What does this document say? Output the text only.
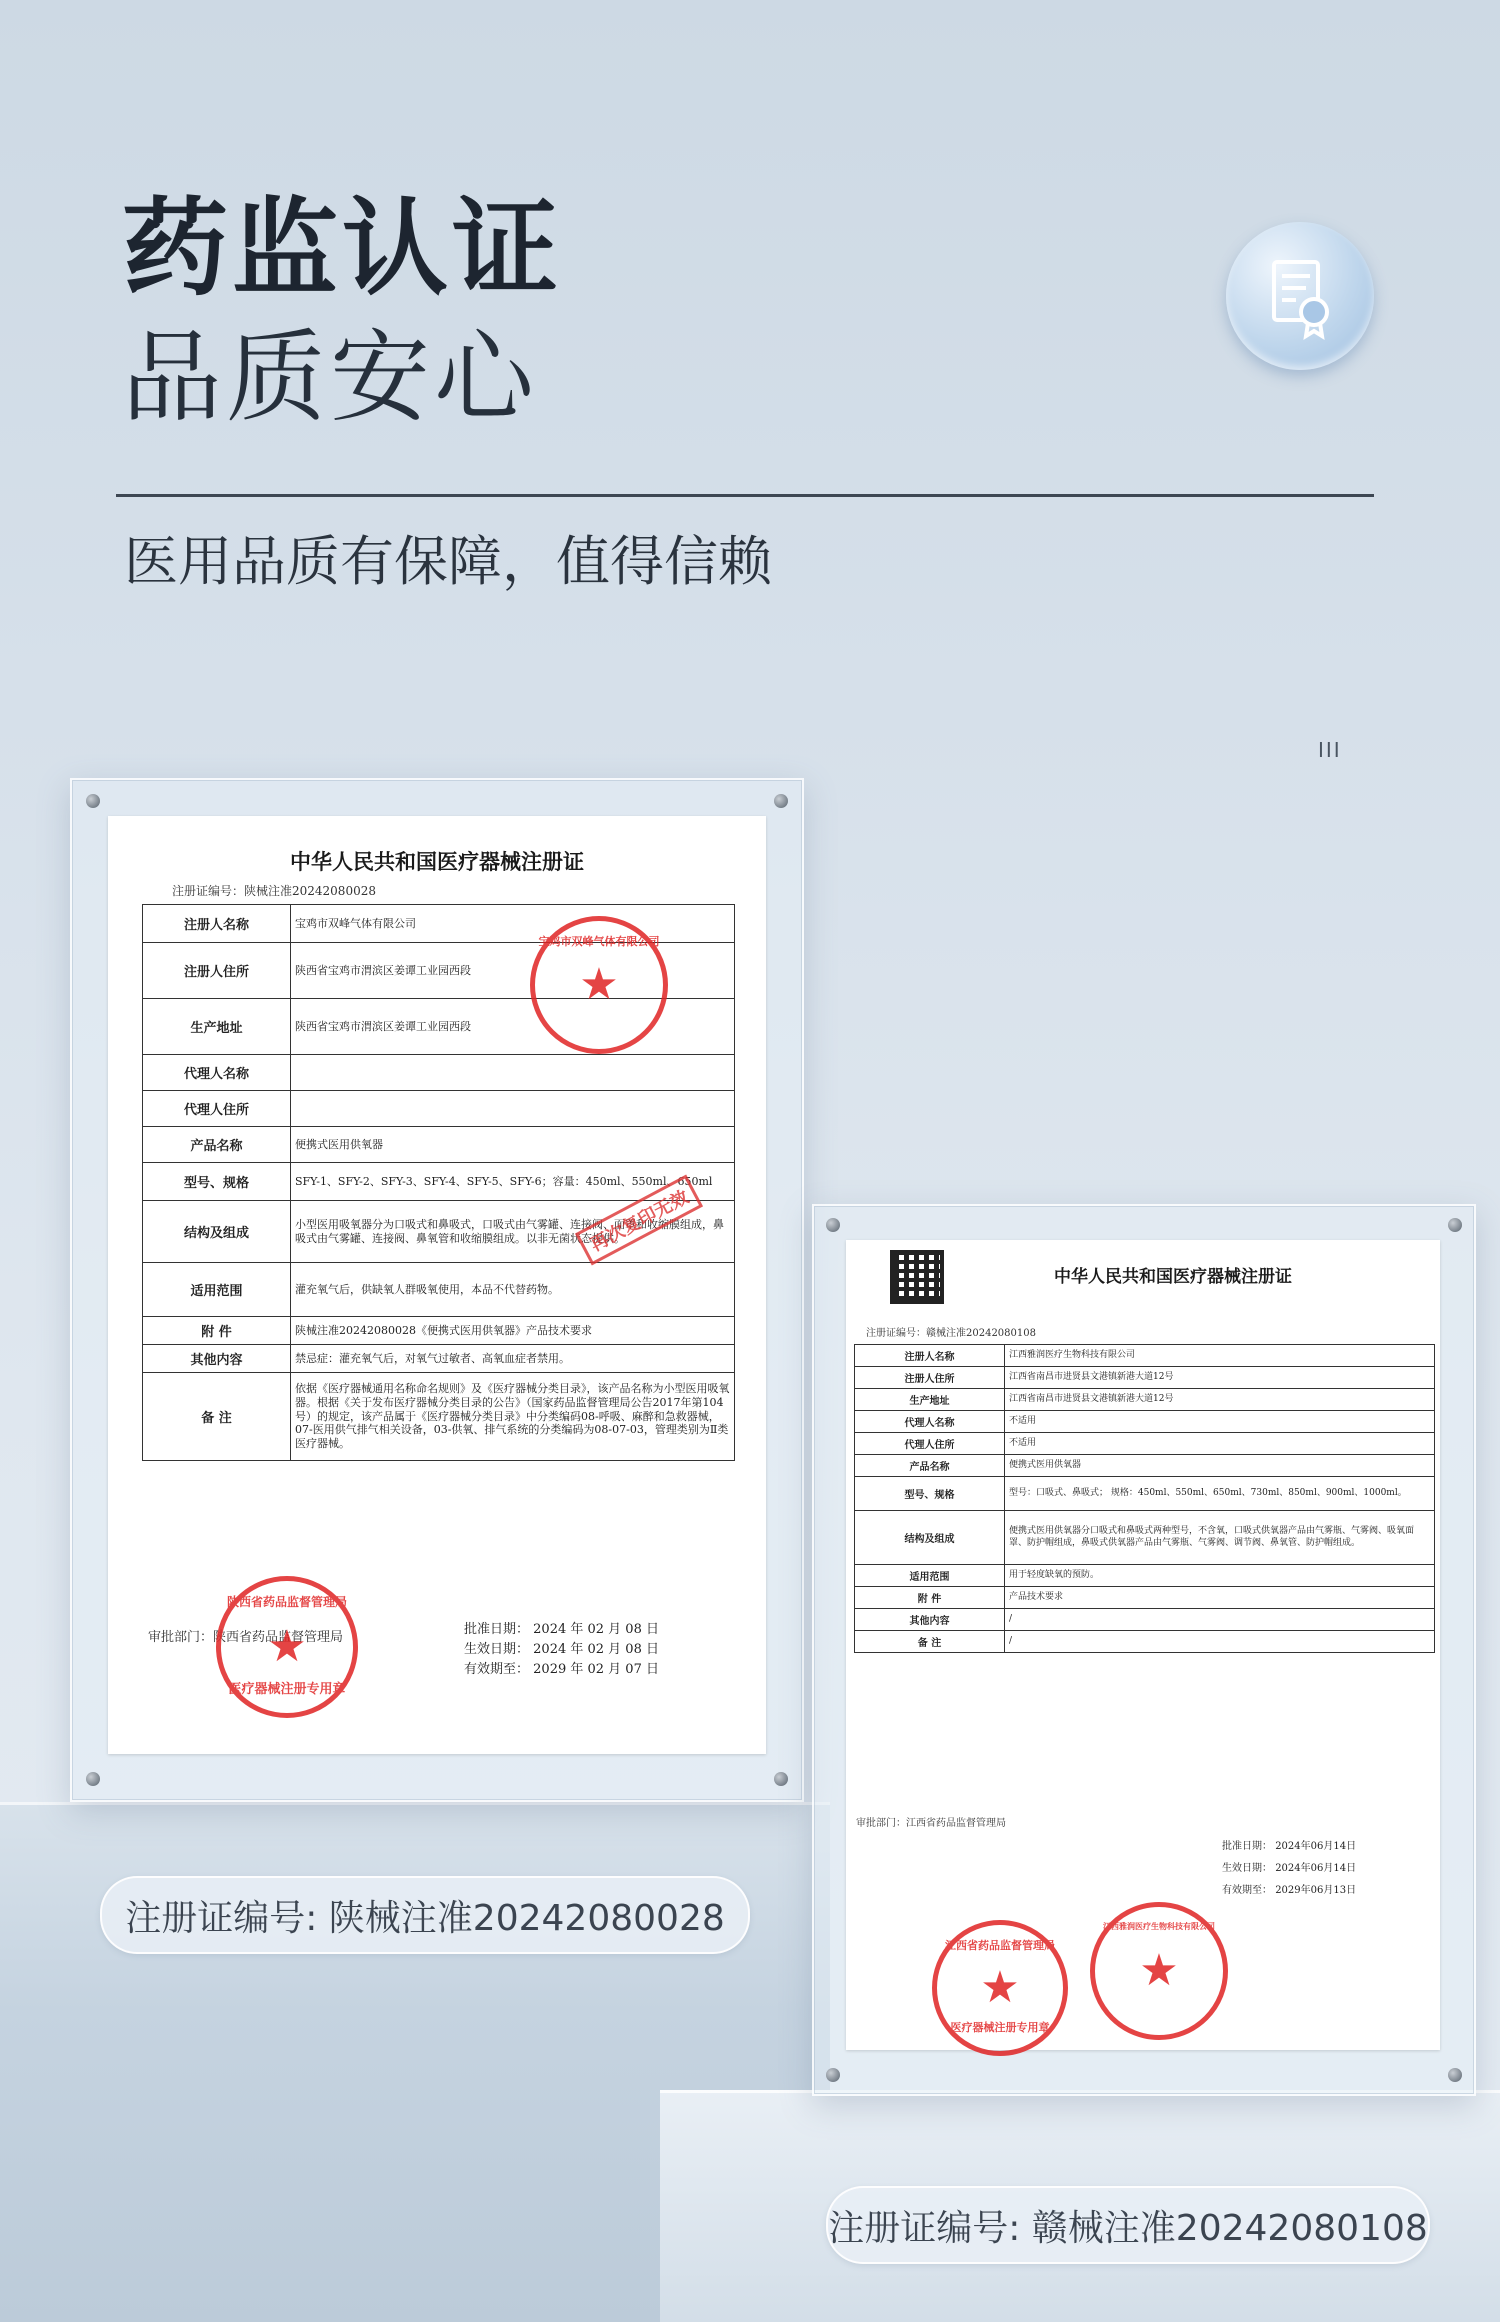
药监认证
品质安心
医用品质有保障，值得信赖
III
中华人民共和国医疗器械注册证
注册证编号：陕械注准20242080028
注册人名称	宝鸡市双峰气体有限公司
注册人住所	陕西省宝鸡市渭滨区姜谭工业园西段
生产地址	陕西省宝鸡市渭滨区姜谭工业园西段
代理人名称	
代理人住所	
产品名称	便携式医用供氧器
型号、规格	SFY-1、SFY-2、SFY-3、SFY-4、SFY-5、SFY-6；容量：450ml、550ml、650ml
结构及组成	小型医用吸氧器分为口吸式和鼻吸式，口吸式由气雾罐、连接阀、面罩和收缩膜组成，鼻吸式由气雾罐、连接阀、鼻氧管和收缩膜组成。以非无菌状态提供。
适用范围	灌充氧气后，供缺氧人群吸氧使用，本品不代替药物。
附 件	陕械注准20242080028《便携式医用供氧器》产品技术要求
其他内容	禁忌症：灌充氧气后，对氧气过敏者、高氧血症者禁用。
备 注	依据《医疗器械通用名称命名规则》及《医疗器械分类目录》，该产品名称为小型医用吸氧器。根据《关于发布医疗器械分类目录的公告》（国家药品监督管理局公告2017年第104号）的规定，该产品属于《医疗器械分类目录》中分类编码08-呼吸、麻醉和急救器械，07-医用供气排气相关设备，03-供氧、排气系统的分类编码为08-07-03，管理类别为Ⅱ类医疗器械。
再次复印无效
★
宝鸡市双峰气体有限公司
审批部门：陕西省药品监督管理局
陕西省药品监督管理局
★
医疗器械注册专用章
批准日期： 2024 年 02 月 08 日
生效日期： 2024 年 02 月 08 日
有效期至： 2029 年 02 月 07 日
注册证编号: 陕械注准20242080028
中华人民共和国医疗器械注册证
注册证编号：赣械注准20242080108
注册人名称	江西雅润医疗生物科技有限公司
注册人住所	江西省南昌市进贤县文港镇新港大道12号
生产地址	江西省南昌市进贤县文港镇新港大道12号
代理人名称	不适用
代理人住所	不适用
产品名称	便携式医用供氧器
型号、规格	型号：口吸式、鼻吸式； 规格：450ml、550ml、650ml、730ml、850ml、900ml、1000ml。
结构及组成	便携式医用供氧器分口吸式和鼻吸式两种型号，不含氧，口吸式供氧器产品由气雾瓶、气雾阀、吸氧面罩、防护帽组成，鼻吸式供氧器产品由气雾瓶、气雾阀、调节阀、鼻氧管、防护帽组成。
适用范围	用于轻度缺氧的预防。
附 件	产品技术要求
其他内容	/
备 注	/
审批部门：江西省药品监督管理局
批准日期： 2024年06月14日
生效日期： 2024年06月14日
有效期至： 2029年06月13日
江西省药品监督管理局
★
医疗器械注册专用章
江西雅润医疗生物科技有限公司
★
注册证编号: 赣械注准20242080108
